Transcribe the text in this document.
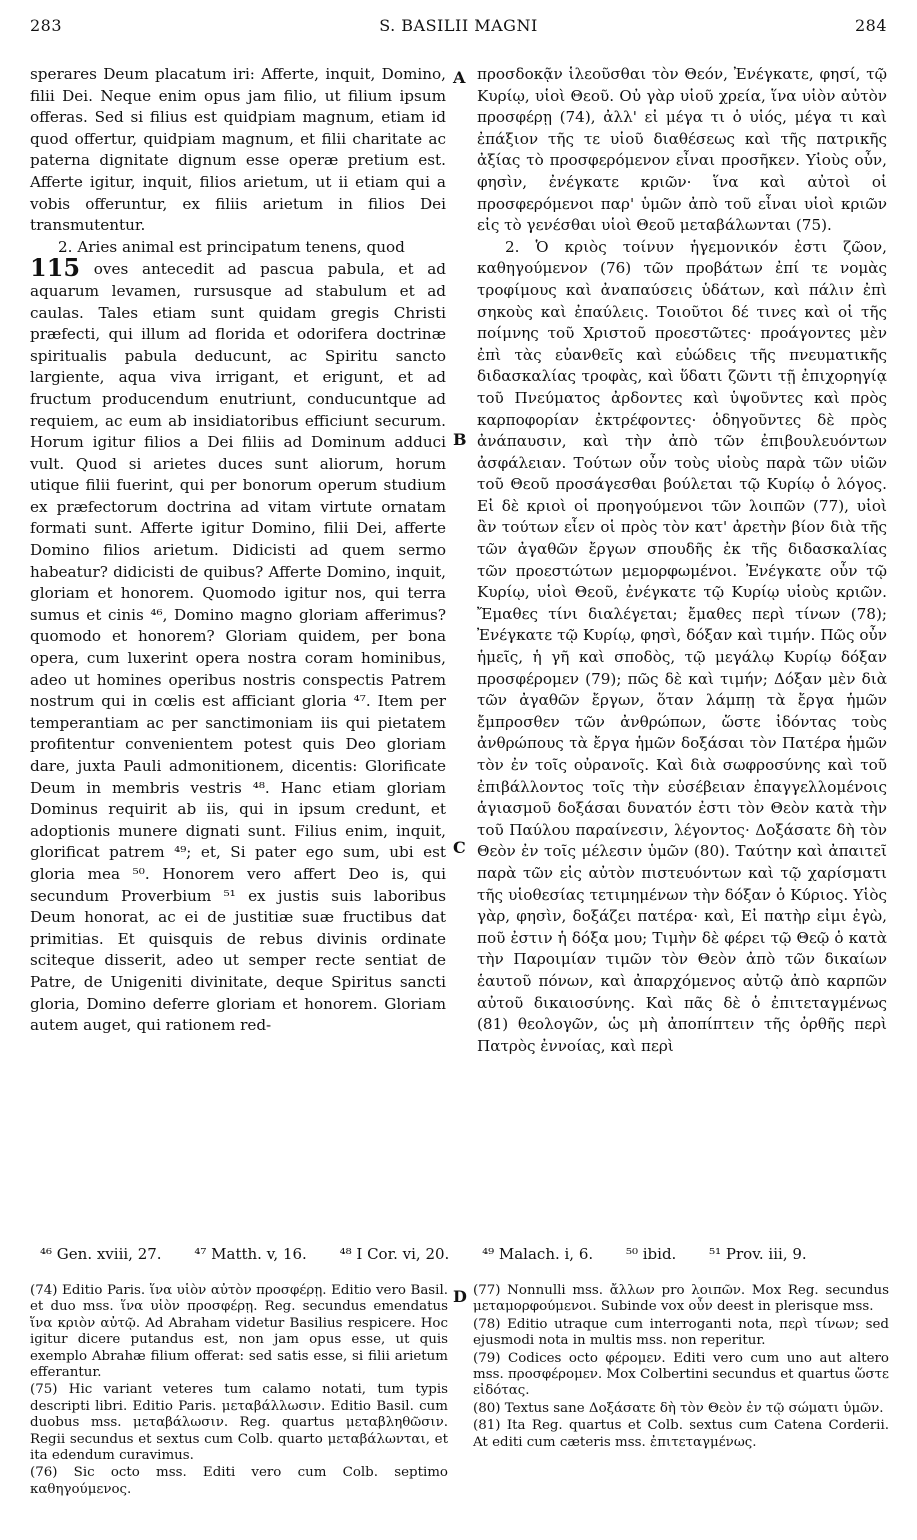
283	S. BASILII MAGNI	284

sperares Deum placatum iri: Afferte, inquit, Domino, filii Dei. Neque enim opus jam filio, ut filium ipsum offeras. Sed si filius est quidpiam magnum, etiam id quod offertur, quidpiam magnum, et filii charitate ac paterna dignitate dignum esse operæ pretium est. Afferte igitur, inquit, filios arietum, ut ii etiam qui a vobis offeruntur, ex filiis arietum in filios Dei transmutentur.

2. Aries animal est principatum tenens, quod

115 oves antecedit ad pascua pabula, et ad aquarum levamen, rursusque ad stabulum et ad caulas. Tales etiam sunt quidam gregis Christi præfecti, qui illum ad florida et odorifera doctrinæ spiritualis pabula deducunt, ac Spiritu sancto largiente, aqua viva irrigant, et erigunt, et ad fructum producendum enutriunt, conducuntque ad requiem, ac eum ab insidiatoribus efficiunt securum. Horum igitur filios a Dei filiis ad Dominum adduci vult. Quod si arietes duces sunt aliorum, horum utique filii fuerint, qui per bonorum operum studium ex præfectorum doctrina ad vitam virtute ornatam formati sunt. Afferte igitur Domino, filii Dei, afferte Domino filios arietum. Didicisti ad quem sermo habeatur? didicisti de quibus? Afferte Domino, inquit, gloriam et honorem. Quomodo igitur nos, qui terra sumus et cinis ⁴⁶, Domino magno gloriam afferimus? quomodo et honorem? Gloriam quidem, per bona opera, cum luxerint opera nostra coram hominibus, adeo ut homines operibus nostris conspectis Patrem nostrum qui in cœlis est afficiant gloria ⁴⁷. Item per temperantiam ac per sanctimoniam iis qui pietatem profitentur convenientem potest quis Deo gloriam dare, juxta Pauli admonitionem, dicentis: Glorificate Deum in membris vestris ⁴⁸. Hanc etiam gloriam Dominus requirit ab iis, qui in ipsum credunt, et adoptionis munere dignati sunt. Filius enim, inquit, glorificat patrem ⁴⁹; et, Si pater ego sum, ubi est gloria mea ⁵⁰. Honorem vero affert Deo is, qui secundum Proverbium ⁵¹ ex justis suis laboribus Deum honorat, ac ei de justitiæ suæ fructibus dat primitias. Et quisquis de rebus divinis ordinate sciteque disserit, adeo ut semper recte sentiat de Patre, de Unigeniti divinitate, deque Spiritus sancti gloria, Domino deferre gloriam et honorem. Gloriam autem auget, qui rationem red-

A
B
C
D

προσδοκᾷν ἱλεοῦσθαι τὸν Θεόν, Ἐνέγκατε, φησί, τῷ Κυρίῳ, υἱοὶ Θεοῦ. Οὐ γὰρ υἱοῦ χρεία, ἵνα υἱὸν αὐτὸν προσφέρῃ (74), ἀλλ' εἰ μέγα τι ὁ υἱός, μέγα τι καὶ ἐπάξιον τῆς τε υἱοῦ διαθέσεως καὶ τῆς πατρικῆς ἀξίας τὸ προσφερόμενον εἶναι προσῆκεν. Υἱοὺς οὖν, φησὶν, ἐνέγκατε κριῶν· ἵνα καὶ αὐτοὶ οἱ προσφερόμενοι παρ' ὑμῶν ἀπὸ τοῦ εἶναι υἱοὶ κριῶν εἰς τὸ γενέσθαι υἱοὶ Θεοῦ μεταβάλωνται (75).

2. Ὁ κριὸς τοίνυν ἡγεμονικόν ἐστι ζῶον, καθηγούμενον (76) τῶν προβάτων ἐπί τε νομὰς τροφίμους καὶ ἀναπαύσεις ὑδάτων, καὶ πάλιν ἐπὶ σηκοὺς καὶ ἐπαύλεις. Τοιοῦτοι δέ τινες καὶ οἱ τῆς ποίμνης τοῦ Χριστοῦ προεστῶτες· προάγοντες μὲν ἐπὶ τὰς εὐανθεῖς καὶ εὐώδεις τῆς πνευματικῆς διδασκαλίας τροφὰς, καὶ ὕδατι ζῶντι τῇ ἐπιχορηγίᾳ τοῦ Πνεύματος ἀρδοντες καὶ ὑψοῦντες καὶ πρὸς καρποφορίαν ἐκτρέφοντες· ὁδηγοῦντες δὲ πρὸς ἀνάπαυσιν, καὶ τὴν ἀπὸ τῶν ἐπιβουλευόντων ἀσφάλειαν. Τούτων οὖν τοὺς υἱοὺς παρὰ τῶν υἱῶν τοῦ Θεοῦ προσάγεσθαι βούλεται τῷ Κυρίῳ ὁ λόγος. Εἰ δὲ κριοὶ οἱ προηγούμενοι τῶν λοιπῶν (77), υἱοὶ ἂν τούτων εἶεν οἱ πρὸς τὸν κατ' ἀρετὴν βίον διὰ τῆς τῶν ἀγαθῶν ἔργων σπουδῆς ἐκ τῆς διδασκαλίας τῶν προεστώτων μεμορφωμένοι. Ἐνέγκατε οὖν τῷ Κυρίῳ, υἱοὶ Θεοῦ, ἐνέγκατε τῷ Κυρίῳ υἱοὺς κριῶν. Ἔμαθες τίνι διαλέγεται; ἔμαθες περὶ τίνων (78); Ἐνέγκατε τῷ Κυρίῳ, φησὶ, δόξαν καὶ τιμήν. Πῶς οὖν ἡμεῖς, ἡ γῆ καὶ σποδὸς, τῷ μεγάλῳ Κυρίῳ δόξαν προσφέρομεν (79); πῶς δὲ καὶ τιμήν; Δόξαν μὲν διὰ τῶν ἀγαθῶν ἔργων, ὅταν λάμπῃ τὰ ἔργα ἡμῶν ἔμπροσθεν τῶν ἀνθρώπων, ὥστε ἰδόντας τοὺς ἀνθρώπους τὰ ἔργα ἡμῶν δοξάσαι τὸν Πατέρα ἡμῶν τὸν ἐν τοῖς οὐρανοῖς. Καὶ διὰ σωφροσύνης καὶ τοῦ ἐπιβάλλοντος τοῖς τὴν εὐσέβειαν ἐπαγγελλομένοις ἁγιασμοῦ δοξάσαι δυνατόν ἐστι τὸν Θεὸν κατὰ τὴν τοῦ Παύλου παραίνεσιν, λέγοντος· Δοξάσατε δὴ τὸν Θεὸν ἐν τοῖς μέλεσιν ὑμῶν (80). Ταύτην καὶ ἀπαιτεῖ παρὰ τῶν εἰς αὐτὸν πιστευόντων καὶ τῷ χαρίσματι τῆς υἱοθεσίας τετιμημένων τὴν δόξαν ὁ Κύριος. Υἱὸς γὰρ, φησὶν, δοξάζει πατέρα· καὶ, Εἰ πατὴρ εἰμι ἐγὼ, ποῦ ἐστιν ἡ δόξα μου; Τιμὴν δὲ φέρει τῷ Θεῷ ὁ κατὰ τὴν Παροιμίαν τιμῶν τὸν Θεὸν ἀπὸ τῶν δικαίων ἑαυτοῦ πόνων, καὶ ἀπαρχόμενος αὐτῷ ἀπὸ καρπῶν αὐτοῦ δικαιοσύνης. Καὶ πᾶς δὲ ὁ ἐπιτεταγμένως (81) θεολογῶν, ὡς μὴ ἀποπίπτειν τῆς ὀρθῆς περὶ Πατρὸς ἐννοίας, καὶ περὶ

⁴⁶ Gen. xviii, 27. ⁴⁷ Matth. v, 16. ⁴⁸ I Cor. vi, 20. ⁴⁹ Malach. i, 6. ⁵⁰ ibid. ⁵¹ Prov. iii, 9.

(74) Editio Paris. ἵνα υἱὸν αὐτὸν προσφέρῃ. Editio vero Basil. et duo mss. ἵνα υἱὸν προσφέρῃ. Reg. secundus emendatus ἵνα κριὸν αὐτῷ. Ad Abraham videtur Basilius respicere. Hoc igitur dicere putandus est, non jam opus esse, ut quis exemplo Abrahæ filium offerat: sed satis esse, si filii arietum efferantur.

(75) Hic variant veteres tum calamo notati, tum typis descripti libri. Editio Paris. μεταβάλλωσιν. Editio Basil. cum duobus mss. μεταβάλωσιν. Reg. quartus μεταβληθῶσιν. Regii secundus et sextus cum Colb. quarto μεταβάλωνται, et ita edendum curavimus.

(76) Sic octo mss. Editi vero cum Colb. septimo καθηγούμενος.

(77) Nonnulli mss. ἄλλων pro λοιπῶν. Mox Reg. secundus μεταμορφούμενοι. Subinde vox οὖν deest in plerisque mss.

(78) Editio utraque cum interroganti nota, περὶ τίνων; sed ejusmodi nota in multis mss. non reperitur.

(79) Codices octo φέρομεν. Editi vero cum uno aut altero mss. προσφέρομεν. Mox Colbertini secundus et quartus ὥστε εἰδότας.

(80) Textus sane Δοξάσατε δὴ τὸν Θεὸν ἐν τῷ σώματι ὑμῶν.

(81) Ita Reg. quartus et Colb. sextus cum Catena Corderii. At editi cum cæteris mss. ἐπιτεταγμένως.
